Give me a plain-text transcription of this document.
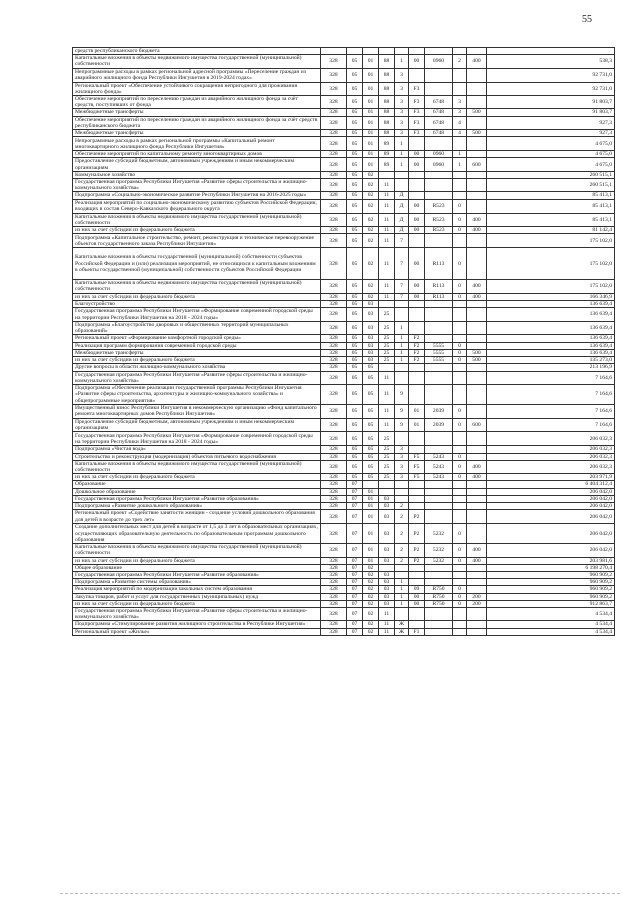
55
средств республиканского бюджета										
Капитальные вложения в объекты недвижимого имущества государственной (муниципальной) собственности	328	05	01	88	1	00	0960	2	400	538,3
Непрограммные расходы в рамках региональной адресной программы «Переселение граждан из аварийного жилищного фонда Республики Ингушетия в 2019-2024 годах»	328	05	01	88	3					92 731,0
Региональный проект «Обеспечение устойчивого сокращения непригодного для проживания жилищного фонда»	328	05	01	88	3	F3				92 731,0
Обеспечение мероприятий по переселению граждан из аварийного жилищного фонда за счёт средств, поступивших от фонда	328	05	01	88	3	F3	6748	3		91 803,7
Межбюджетные трансферты	328	05	01	88	3	F3	6748	3	500	91 803,7
Обеспечение мероприятий по переселению граждан из аварийного жилищного фонда за счёт средств республиканского бюджета	328	05	01	88	3	F3	6748	4		927,3
Межбюджетные трансферты	328	05	01	88	3	F3	6748	4	500	927,3
Непрограммные расходы в рамках региональной программы «Капитальный ремонт многоквартирного жилищного фонда Республики Ингушетия»	328	05	01	89	1					4 675,0
Обеспечение мероприятий по капитальному ремонту многоквартирных домов	328	05	01	89	1	00	0960	1		4 675,0
Предоставление субсидий бюджетным, автономным учреждениям и иным некоммерческим организациям	328	05	01	89	1	00	0960	1	600	4 675,0
Коммунальное хозяйство	328	05	02							260 515,1
Государственная программа Республики Ингушетия «Развитие сферы строительства и жилищно-коммунального хозяйства»	328	05	02	11						260 515,1
Подпрограмма «Социально-экономическое развитие Республики Ингушетия на 2016-2025 годы»	328	05	02	11	Д					85 413,1
Реализация мероприятий по социально-экономическому развитию субъектов Российской Федерации, входящих в состав Северо-Кавказского федерального округа	328	05	02	11	Д	00	R523	0		85 413,1
Капитальные вложения в объекты недвижимого имущества государственной (муниципальной) собственности	328	05	02	11	Д	00	R523	0	400	85 413,1
из них за счет субсидии из федерального бюджета	328	05	02	11	Д	00	R523	0	400	81 142,4
Подпрограмма «Капитальное строительство, ремонт, реконструкция и техническое перевооружение объектов государственного заказа Республики Ингушетия»	328	05	02	11	7					175 102,0
Капитальные вложения в объекты государственной (муниципальной) собственности субъектов Российской Федерации и (или) реализация мероприятий, не относящихся к капитальным вложениям в объекты государственной (муниципальной) собственности субъектов Российской Федерации	328	05	02	11	7	00	R113	0		175 102,0
Капитальные вложения в объекты недвижимого имущества государственной (муниципальной) собственности	328	05	02	11	7	00	R113	0	400	175 102,0
из них за счет субсидии из федерального бюджета	328	05	02	11	7	00	R113	0	400	166 346,9
Благоустройство	328	05	03							136 639,4
Государственная программа Республики Ингушетия «Формирование современной городской среды на территории Республики Ингушетия на 2018 - 2024 годы»	328	05	03	25						136 639,4
Подпрограмма «Благоустройство дворовых и общественных территорий муниципальных образований»	328	05	03	25	1					136 639,4
Региональный проект «Формирование комфортной городской среды»	328	05	03	25	1	F2				136 639,4
Реализация программ формирования современной городской среды	328	05	03	25	1	F2	5555	0		136 639,4
Межбюджетные трансферты	328	05	03	25	1	F2	5555	0	500	136 639,4
из них за счет субсидии из федерального бюджета	328	05	03	25	1	F2	5555	0	500	135 273,0
Другие вопросы в области жилищно-коммунального хозяйства	328	05	05							213 196,9
Государственная программа Республики Ингушетия «Развитие сферы строительства и жилищно-коммунального хозяйства»	328	05	05	11						7 164,6
Подпрограмма «Обеспечение реализации государственной программы Республики Ингушетия «Развитие сферы строительства, архитектуры и жилищно-коммунального хозяйства» и общепрограммные мероприятия»	328	05	05	11	9					7 164,6
Имущественный взнос Республики Ингушетия в некоммерческую организацию «Фонд капитального ремонта многоквартирных домов Республики Ингушетия»	328	05	05	11	9	01	2039	0		7 164,6
Предоставление субсидий бюджетным, автономным учреждениям и иным некоммерческим организациям	328	05	05	11	9	01	2039	0	600	7 164,6
Государственная программа Республики Ингушетия «Формирование современной городской среды на территории Республики Ингушетия на 2018 - 2024 годы»	328	05	05	25						206 032,3
Подпрограмма «Чистая вода»	328	05	05	25	3					206 032,3
Строительство и реконструкция (модернизация) объектов питьевого водоснабжения	328	05	05	25	3	F5	5243	0		206 032,3
Капитальные вложения в объекты недвижимого имущества государственной (муниципальной) собственности	328	05	05	25	3	F5	5243	0	400	206 032,3
из них за счет субсидии из федерального бюджета	328	05	05	25	3	F5	5243	0	400	203 971,9
Образование	328	07								6 404 312,4
Дошкольное образование	328	07	01							206 042,0
Государственная программа Республики Ингушетия «Развитие образования»	328	07	01	03						206 042,0
Подпрограмма «Развитие дошкольного образования»	328	07	01	03	2					206 042,0
Региональный проект «Содействие занятости женщин - создание условий дошкольного образования для детей в возрасте до трех лет»	328	07	01	03	2	P2				206 042,0
Создание дополнительных мест для детей в возрасте от 1,5 до 3 лет в образовательных организациях, осуществляющих образовательную деятельность по образовательным программам дошкольного образования	328	07	01	03	2	P2	5232	0		206 042,0
Капитальные вложения в объекты недвижимого имущества государственной (муниципальной) собственности	328	07	01	03	2	P2	5232	0	400	206 042,0
из них за счет субсидии из федерального бюджета	328	07	01	03	2	P2	5232	0	400	203 981,6
Общее образование	328	07	02							6 198 270,4
Государственная программа Республики Ингушетия «Развитие образования»	328	07	02	03						960 909,2
Подпрограмма «Развитие системы образования»	328	07	02	03	1					960 909,2
Реализация мероприятий по модернизации школьных систем образования	328	07	02	03	1	09	R750	0		960 909,2
Закупка товаров, работ и услуг для государственных (муниципальных) нужд	328	07	02	03	1	00	R750	0	200	960 909,2
из них за счет субсидии из федерального бюджета	328	07	02	03	1	00	R750	0	200	912 863,7
Государственная программа Республики Ингушетия «Развитие сферы строительства и жилищно-коммунального хозяйства»	328	07	02	11						4 534,4
Подпрограмма «Стимулирование развития жилищного строительства в Республике Ингушетия»	328	07	02	11	Ж					4 534,4
Региональный проект «Жилье»	328	07	02	11	Ж	F1				4 534,4
